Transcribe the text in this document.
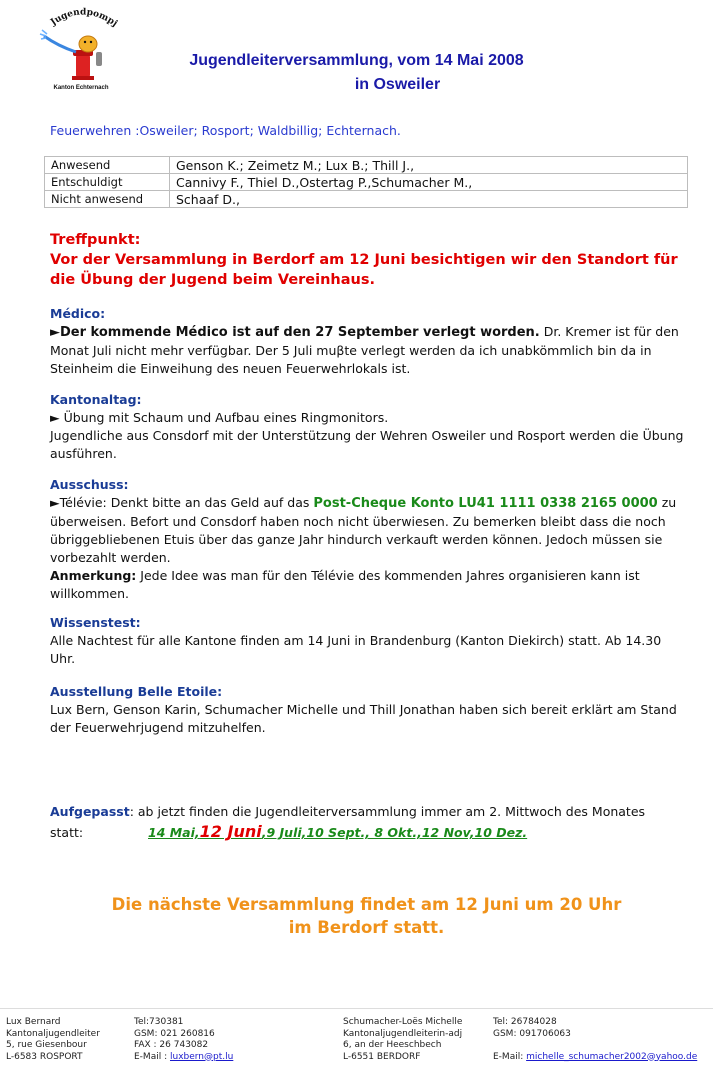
Jugendpompj
Kanton Echternach
Jugendleiterversammlung, vom 14 Mai 2008
in Osweiler
Feuerwehren :Osweiler; Rosport; Waldbillig; Echternach.
Anwesend	Genson K.; Zeimetz M.; Lux B.; Thill J.,
Entschuldigt	Cannivy F., Thiel D.,Ostertag P.,Schumacher M.,
Nicht anwesend	Schaaf D.,
Treffpunkt:
Vor der Versammlung in Berdorf am 12 Juni besichtigen wir den Standort für die Übung der Jugend beim Vereinhaus.
Médico:
►Der kommende Médico ist auf den 27 September verlegt worden. Dr. Kremer ist für den Monat Juli nicht mehr verfügbar. Der 5 Juli muβte verlegt werden da ich unabkömmlich bin da in Steinheim die Einweihung des neuen Feuerwehrlokals ist.
Kantonaltag:
► Übung mit Schaum und Aufbau eines Ringmonitors.
Jugendliche aus Consdorf mit der Unterstützung der Wehren Osweiler und Rosport werden die Übung ausführen.
Ausschuss:
►Télévie: Denkt bitte an das Geld auf das Post-Cheque Konto LU41 1111 0338 2165 0000 zu überweisen. Befort und Consdorf haben noch nicht überwiesen. Zu bemerken bleibt dass die noch übriggebliebenen Etuis über das ganze Jahr hindurch verkauft werden können. Jedoch müssen sie vorbezahlt werden.
Anmerkung: Jede Idee was man für den Télévie des kommenden Jahres organisieren kann ist willkommen.
Wissenstest:
Alle Nachtest für alle Kantone finden am 14 Juni in Brandenburg (Kanton Diekirch) statt. Ab 14.30 Uhr.
Ausstellung Belle Etoile:
Lux Bern, Genson Karin, Schumacher Michelle und Thill Jonathan haben sich bereit erklärt am Stand der Feuerwehrjugend mitzuhelfen.
Aufgepasst: ab jetzt finden die Jugendleiterversammlung immer am 2. Mittwoch des Monates
statt:	14 Mai,12 Juni,9 Juli,10 Sept., 8 Okt.,12 Nov,10 Dez.
Die nächste Versammlung findet am 12 Juni um 20 Uhr
im Berdorf statt.
Lux Bernard
Kantonaljugendleiter
5, rue Giesenbour
L-6583 ROSPORT
Tel:730381
GSM: 021 260816
FAX : 26 743082
E-Mail : luxbern@pt.lu
Schumacher-Loës Michelle
Kantonaljugendleiterin-adj
6, an der Heeschbech
L-6551 BERDORF
Tel: 26784028
GSM: 091706063
E-Mail: michelle_schumacher2002@yahoo.de
